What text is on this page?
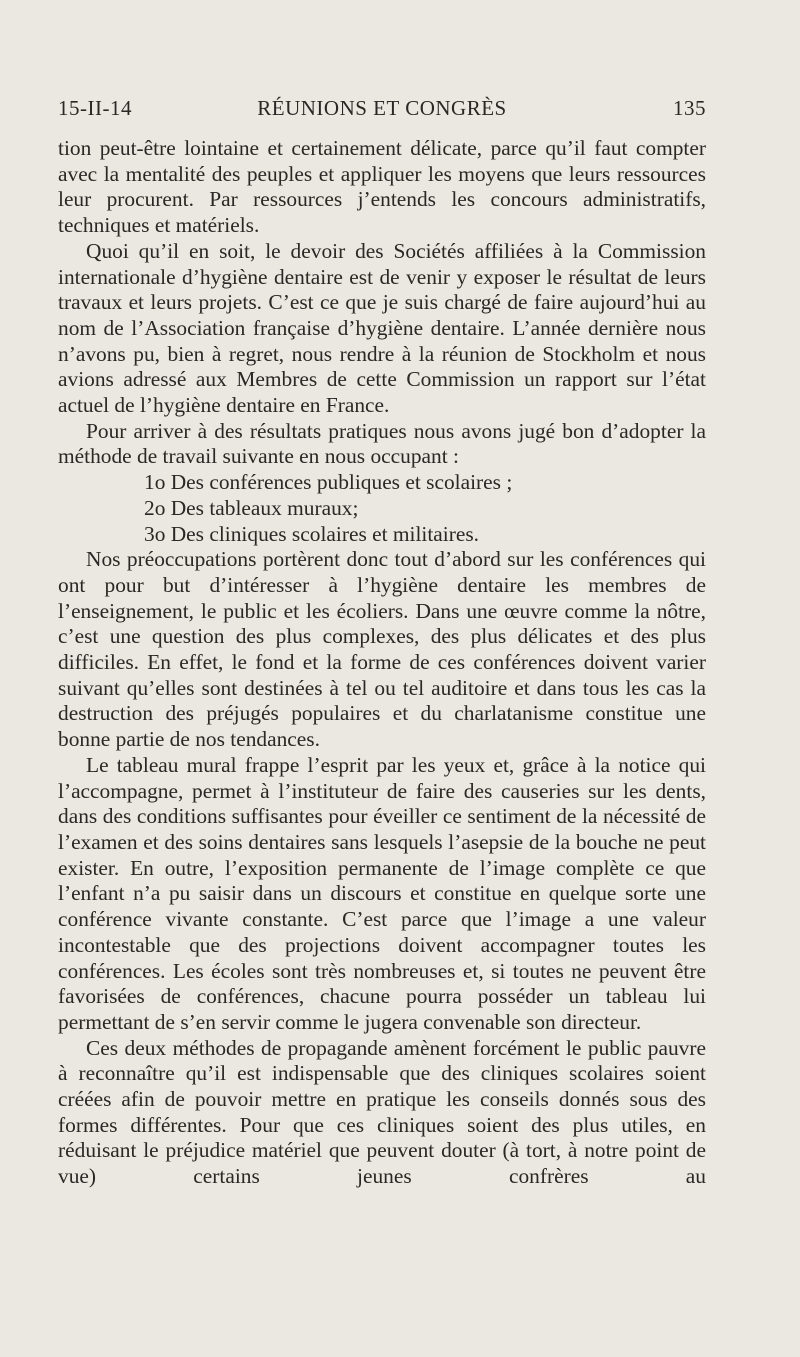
15-II-14	RÉUNIONS ET CONGRÈS	135

tion peut-être lointaine et certainement délicate, parce qu’il faut compter avec la mentalité des peuples et appliquer les moyens que leurs ressources leur procurent. Par ressources j’entends les concours administratifs, techniques et matériels.

Quoi qu’il en soit, le devoir des Sociétés affiliées à la Commission internationale d’hygiène dentaire est de venir y exposer le résultat de leurs travaux et leurs projets. C’est ce que je suis chargé de faire aujourd’hui au nom de l’Association française d’hygiène dentaire. L’année dernière nous n’avons pu, bien à regret, nous rendre à la réunion de Stockholm et nous avions adressé aux Membres de cette Commission un rapport sur l’état actuel de l’hygiène dentaire en France.

Pour arriver à des résultats pratiques nous avons jugé bon d’adopter la méthode de travail suivante en nous occupant :

1o Des conférences publiques et scolaires ;

2o Des tableaux muraux;

3o Des cliniques scolaires et militaires.

Nos préoccupations portèrent donc tout d’abord sur les conférences qui ont pour but d’intéresser à l’hygiène dentaire les membres de l’enseignement, le public et les écoliers. Dans une œuvre comme la nôtre, c’est une question des plus complexes, des plus délicates et des plus difficiles. En effet, le fond et la forme de ces conférences doivent varier suivant qu’elles sont destinées à tel ou tel auditoire et dans tous les cas la destruction des préjugés populaires et du charlatanisme constitue une bonne partie de nos tendances.

Le tableau mural frappe l’esprit par les yeux et, grâce à la notice qui l’accompagne, permet à l’instituteur de faire des causeries sur les dents, dans des conditions suffisantes pour éveiller ce sentiment de la nécessité de l’examen et des soins dentaires sans lesquels l’asepsie de la bouche ne peut exister. En outre, l’exposition permanente de l’image complète ce que l’enfant n’a pu saisir dans un discours et constitue en quelque sorte une conférence vivante constante. C’est parce que l’image a une valeur incontestable que des projections doivent accompagner toutes les conférences. Les écoles sont très nombreuses et, si toutes ne peuvent être favorisées de conférences, chacune pourra posséder un tableau lui permettant de s’en servir comme le jugera convenable son directeur.

Ces deux méthodes de propagande amènent forcément le public pauvre à reconnaître qu’il est indispensable que des cliniques scolaires soient créées afin de pouvoir mettre en pratique les conseils donnés sous des formes différentes. Pour que ces cliniques soient des plus utiles, en réduisant le préjudice matériel que peuvent douter (à tort, à notre point de vue) certains jeunes confrères au
